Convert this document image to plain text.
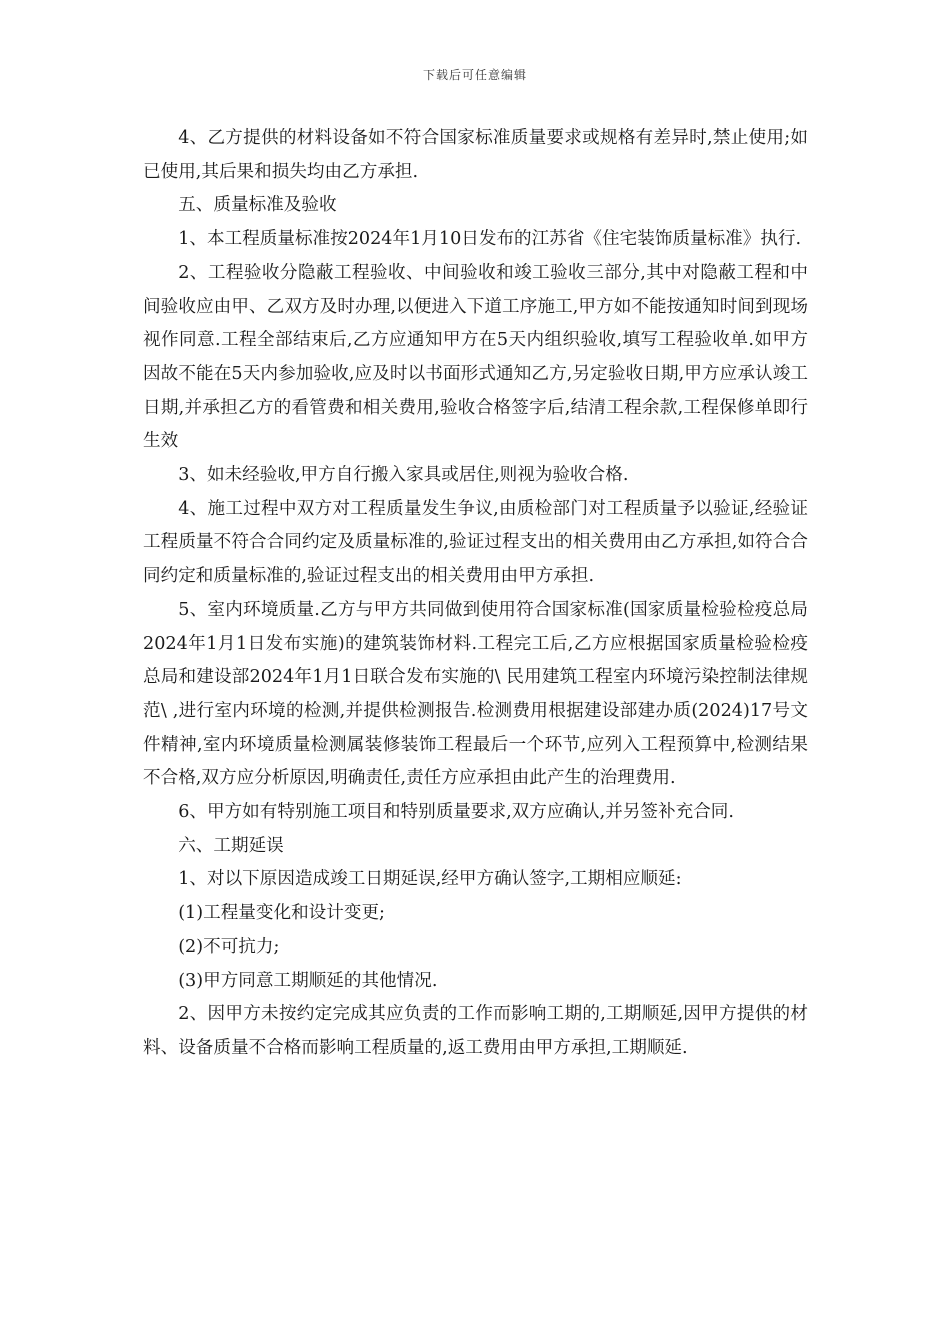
下载后可任意编辑

4、乙方提供的材料设备如不符合国家标准质量要求或规格有差异时,禁止使用;如已使用,其后果和损失均由乙方承担.

五、质量标准及验收

1、本工程质量标准按2024年1月10日发布的江苏省《住宅装饰质量标准》执行.

2、工程验收分隐蔽工程验收、中间验收和竣工验收三部分,其中对隐蔽工程和中间验收应由甲、乙双方及时办理,以便进入下道工序施工,甲方如不能按通知时间到现场视作同意.工程全部结束后,乙方应通知甲方在5天内组织验收,填写工程验收单.如甲方因故不能在5天内参加验收,应及时以书面形式通知乙方,另定验收日期,甲方应承认竣工日期,并承担乙方的看管费和相关费用,验收合格签字后,结清工程余款,工程保修单即行生效

3、如未经验收,甲方自行搬入家具或居住,则视为验收合格.

4、施工过程中双方对工程质量发生争议,由质检部门对工程质量予以验证,经验证工程质量不符合合同约定及质量标准的,验证过程支出的相关费用由乙方承担,如符合合同约定和质量标准的,验证过程支出的相关费用由甲方承担.

5、室内环境质量.乙方与甲方共同做到使用符合国家标准(国家质量检验检疫总局2024年1月1日发布实施)的建筑装饰材料.工程完工后,乙方应根据国家质量检验检疫总局和建设部2024年1月1日联合发布实施的\ 民用建筑工程室内环境污染控制法律规范\ ,进行室内环境的检测,并提供检测报告.检测费用根据建设部建办质(2024)17号文件精神,室内环境质量检测属装修装饰工程最后一个环节,应列入工程预算中,检测结果不合格,双方应分析原因,明确责任,责任方应承担由此产生的治理费用.

6、甲方如有特别施工项目和特别质量要求,双方应确认,并另签补充合同.

六、工期延误

1、对以下原因造成竣工日期延误,经甲方确认签字,工期相应顺延:

(1)工程量变化和设计变更;

(2)不可抗力;

(3)甲方同意工期顺延的其他情况.

2、因甲方未按约定完成其应负责的工作而影响工期的,工期顺延,因甲方提供的材料、设备质量不合格而影响工程质量的,返工费用由甲方承担,工期顺延.
